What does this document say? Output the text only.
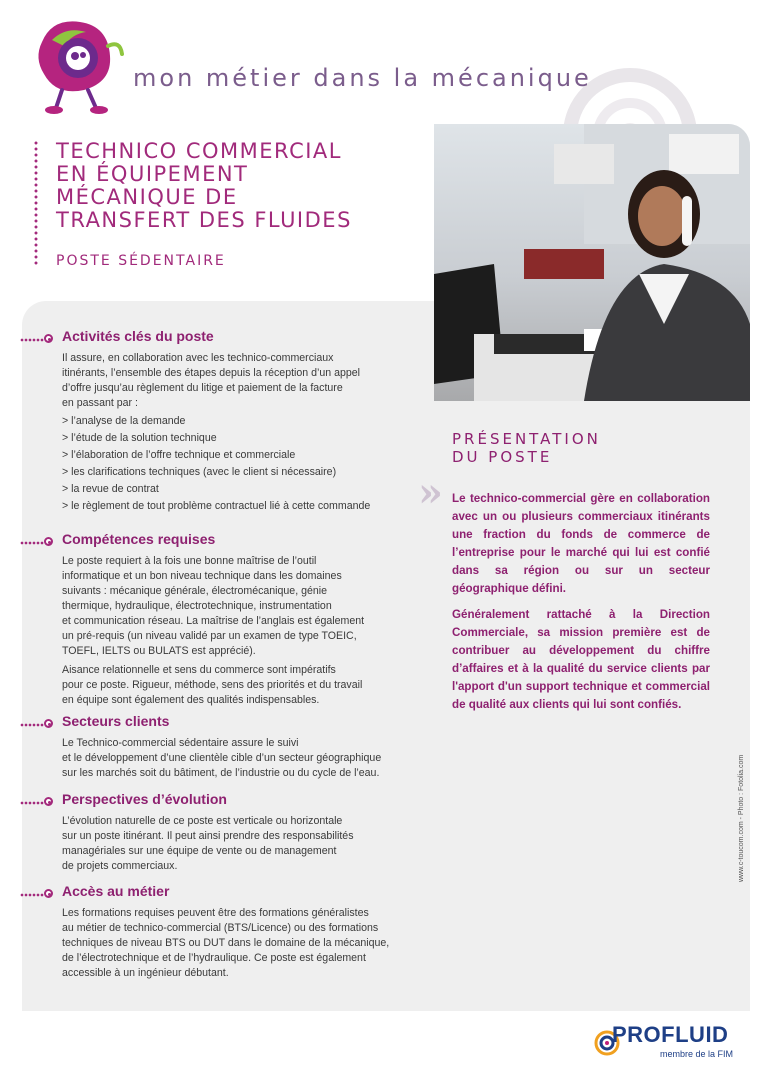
mon métier dans la mécanique
TECHNICO COMMERCIAL
EN ÉQUIPEMENT
MÉCANIQUE DE
TRANSFERT DES FLUIDES
POSTE SÉDENTAIRE
Activités clés du poste
Il assure, en collaboration avec les technico-commerciaux
itinérants, l’ensemble des étapes depuis la réception d’un appel
d’offre jusqu’au règlement du litige et paiement de la facture
en passant par :
> l’analyse de la demande
> l’étude de la solution technique
> l’élaboration de l’offre technique et commerciale
> les clarifications techniques (avec le client si nécessaire)
> la revue de contrat
> le règlement de tout problème contractuel lié à cette commande
Compétences requises
Le poste requiert à la fois une bonne maîtrise de l’outil
informatique et un bon niveau technique dans les domaines
suivants : mécanique générale, électromécanique, génie
thermique, hydraulique, électrotechnique, instrumentation
et communication réseau. La maîtrise de l’anglais est également
un pré-requis (un niveau validé par un examen de type TOEIC,
TOEFL, IELTS ou BULATS est apprécié).
Aisance relationnelle et sens du commerce sont impératifs
pour ce poste. Rigueur, méthode, sens des priorités et du travail
en équipe sont également des qualités indispensables.
Secteurs clients
Le Technico-commercial sédentaire assure le suivi
et le développement d’une clientèle cible d’un secteur géographique
sur les marchés soit du bâtiment, de l’industrie ou du cycle de l’eau.
Perspectives d’évolution
L’évolution naturelle de ce poste est verticale ou horizontale
sur un poste itinérant. Il peut ainsi prendre des responsabilités
managériales sur une équipe de vente ou de management
de projets commerciaux.
Accès au métier
Les formations requises peuvent être des formations généralistes
au métier de technico-commercial (BTS/Licence) ou des formations
techniques de niveau BTS ou DUT dans le domaine de la mécanique,
de l’électrotechnique et de l’hydraulique. Ce poste est également
accessible à un ingénieur débutant.
PRÉSENTATION
DU POSTE
» Le technico-commercial gère en collaboration avec un ou plusieurs commerciaux itinérants une fraction du fonds de commerce de l’entreprise pour le marché qui lui est confié dans sa région ou sur un secteur géographique défini.

Généralement rattaché à la Direction Commerciale, sa mission première est de contribuer au développement du chiffre d’affaires et à la qualité du service clients par l'apport d'un support technique et commercial de qualité aux clients qui lui sont confiés.

www.c-toucom.com - Photo : Fotolia.com
PROFLUID
membre de la FIM
